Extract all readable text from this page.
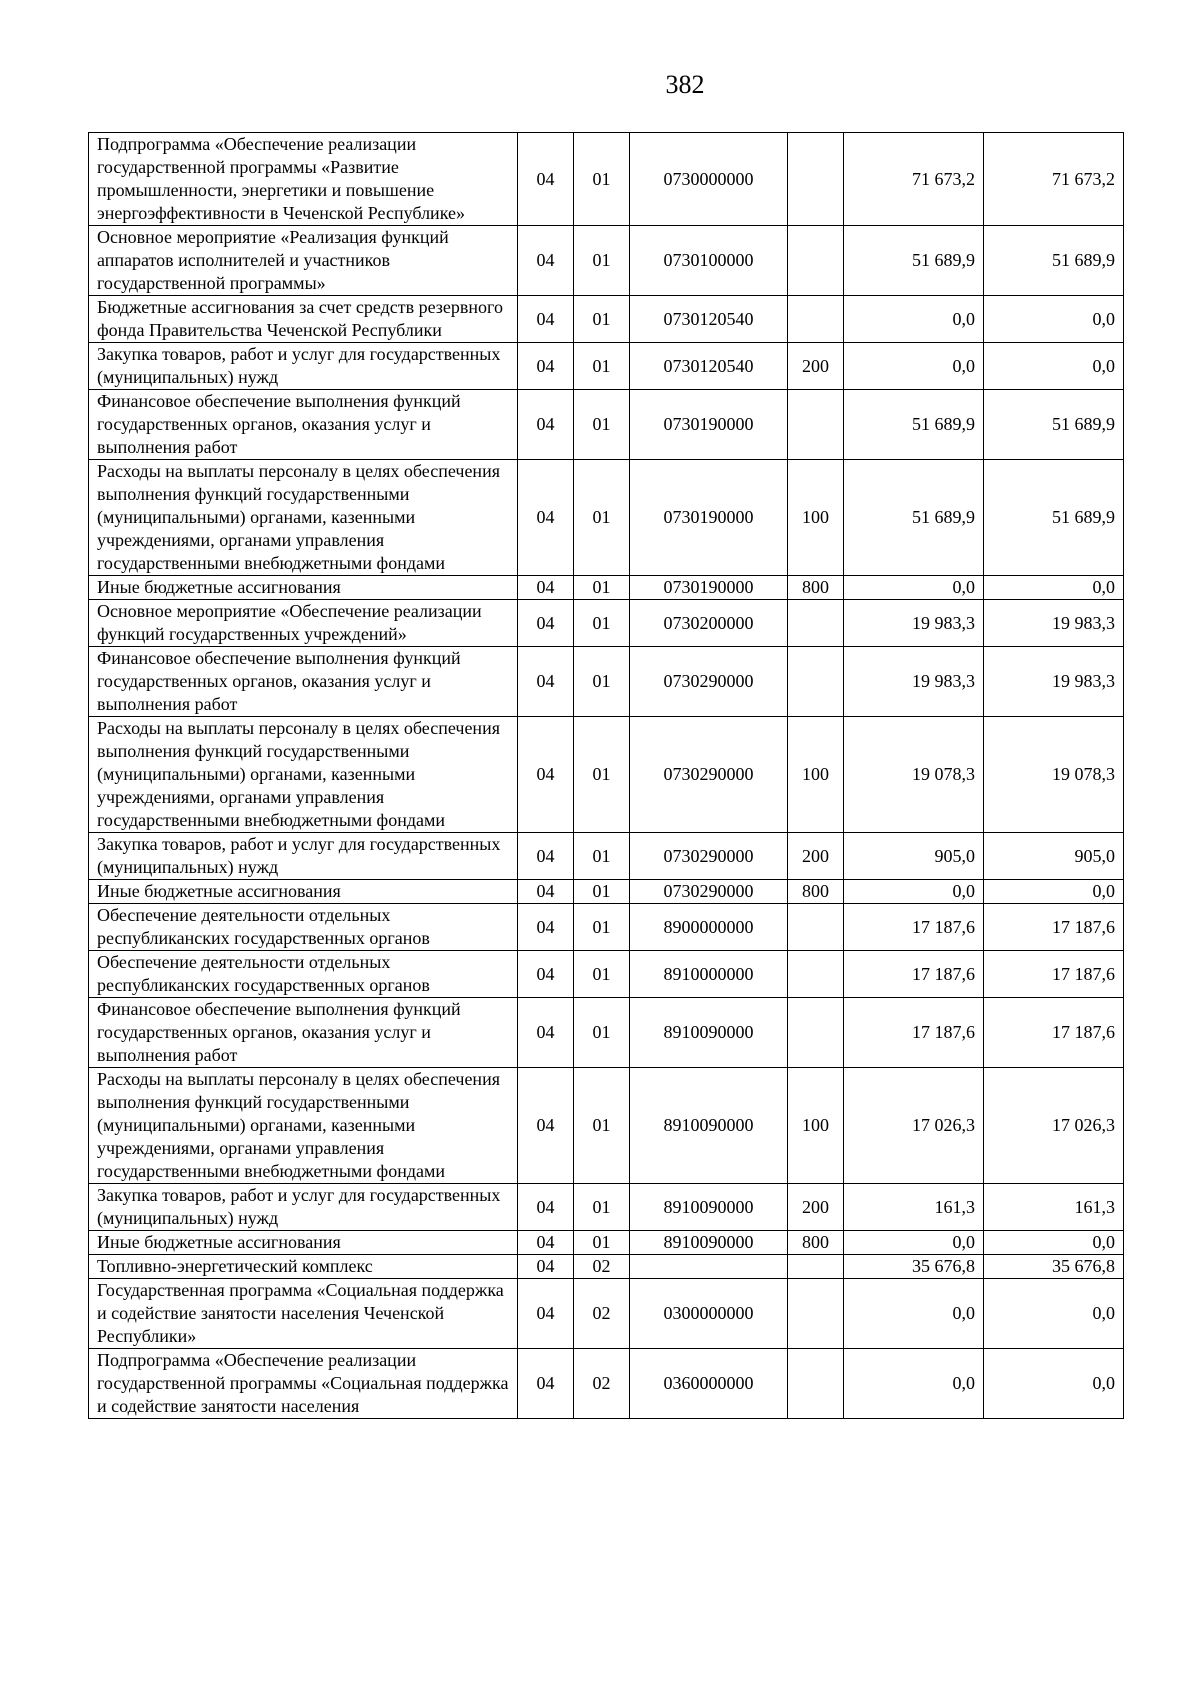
382
Подпрограмма «Обеспечение реализации государственной программы «Развитие промышленности, энергетики и повышение энергоэффективности в Чеченской Республике»	04	01	0730000000		71 673,2	71 673,2
Основное мероприятие «Реализация функций аппаратов исполнителей и участников государственной программы»	04	01	0730100000		51 689,9	51 689,9
Бюджетные ассигнования за счет средств резервного фонда Правительства Чеченской Республики	04	01	0730120540		0,0	0,0
Закупка товаров, работ и услуг для государственных (муниципальных) нужд	04	01	0730120540	200	0,0	0,0
Финансовое обеспечение выполнения функций государственных органов, оказания услуг и выполнения работ	04	01	0730190000		51 689,9	51 689,9
Расходы на выплаты персоналу в целях обеспечения выполнения функций государственными (муниципальными) органами, казенными учреждениями, органами управления государственными внебюджетными фондами	04	01	0730190000	100	51 689,9	51 689,9
Иные бюджетные ассигнования	04	01	0730190000	800	0,0	0,0
Основное мероприятие «Обеспечение реализации функций государственных учреждений»	04	01	0730200000		19 983,3	19 983,3
Финансовое обеспечение выполнения функций государственных органов, оказания услуг и выполнения работ	04	01	0730290000		19 983,3	19 983,3
Расходы на выплаты персоналу в целях обеспечения выполнения функций государственными (муниципальными) органами, казенными учреждениями, органами управления государственными внебюджетными фондами	04	01	0730290000	100	19 078,3	19 078,3
Закупка товаров, работ и услуг для государственных (муниципальных) нужд	04	01	0730290000	200	905,0	905,0
Иные бюджетные ассигнования	04	01	0730290000	800	0,0	0,0
Обеспечение деятельности отдельных республиканских государственных органов	04	01	8900000000		17 187,6	17 187,6
Обеспечение деятельности отдельных республиканских государственных органов	04	01	8910000000		17 187,6	17 187,6
Финансовое обеспечение выполнения функций государственных органов, оказания услуг и выполнения работ	04	01	8910090000		17 187,6	17 187,6
Расходы на выплаты персоналу в целях обеспечения выполнения функций государственными (муниципальными) органами, казенными учреждениями, органами управления государственными внебюджетными фондами	04	01	8910090000	100	17 026,3	17 026,3
Закупка товаров, работ и услуг для государственных (муниципальных) нужд	04	01	8910090000	200	161,3	161,3
Иные бюджетные ассигнования	04	01	8910090000	800	0,0	0,0
Топливно-энергетический комплекс	04	02			35 676,8	35 676,8
Государственная программа «Социальная поддержка и содействие занятости населения Чеченской Республики»	04	02	0300000000		0,0	0,0
Подпрограмма «Обеспечение реализации государственной программы «Социальная поддержка и содействие занятости населения	04	02	0360000000		0,0	0,0
